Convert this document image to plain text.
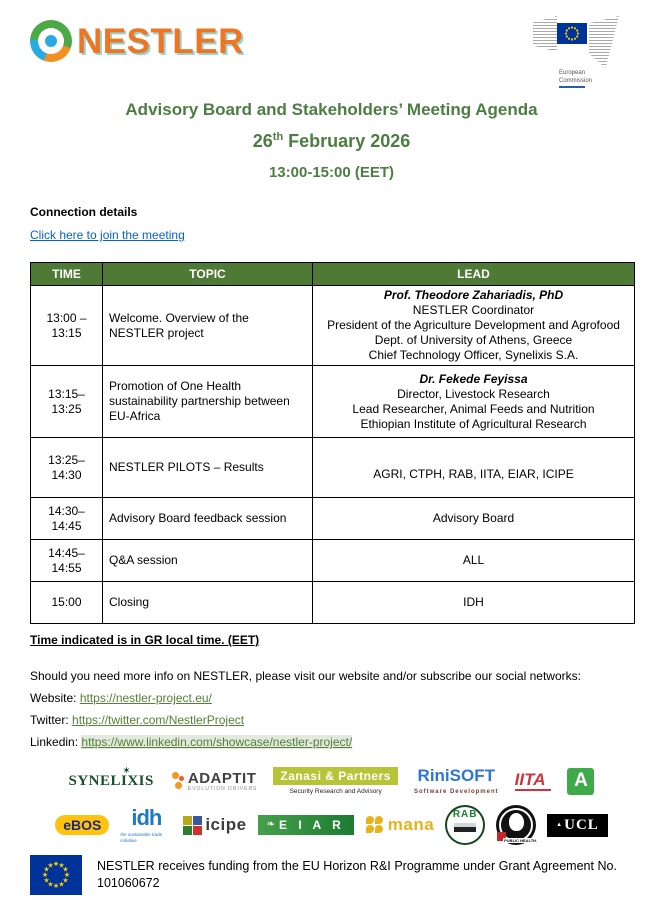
NESTLER
European
Commission
Advisory Board and Stakeholders’ Meeting Agenda
26th February 2026
13:00-15:00 (EET)
Connection details
Click here to join the meeting
TIME	TOPIC	LEAD
13:00 – 13:15	Welcome. Overview of the NESTLER project	Prof. Theodore Zahariadis, PhD
NESTLER Coordinator
President of the Agriculture Development and Agrofood Dept. of University of Athens, Greece
Chief Technology Officer, Synelixis S.A.

13:15– 13:25	Promotion of One Health sustainability partnership between EU-Africa	Dr. Fekede Feyissa
Director, Livestock Research
Lead Researcher, Animal Feeds and Nutrition
Ethiopian Institute of Agricultural Research

13:25– 14:30	NESTLER PILOTS – Results	AGRI, CTPH, RAB, IITA, EIAR, ICIPE

14:30– 14:45	Advisory Board feedback session	Advisory Board
14:45– 14:55	Q&A session	ALL
15:00	Closing	IDH
Time indicated is in GR local time. (EET)
Should you need more info on NESTLER, please visit our website and/or subscribe our social networks:
Website: https://nestler-project.eu/
Twitter: https://twitter.com/NestlerProject
Linkedin: https://www.linkedin.com/showcase/nestler-project/
SYNELIXIS
✶	ADAPTIT
EVOLUTION DRIVERS
Zanasi & Partners
Security Research and Advisory
RiniSOFT
Software Development
IITA	A
eBOS	idh
the sustainable trade initiative
icipe ❧ E I A R	mana
RAB
PUBLIC HEALTH.
▲ UCL
★ ★
★
★
★
★
★
★
★
★
★
★	NESTLER receives funding from the EU Horizon R&I Programme under Grant Agreement No. 101060672
